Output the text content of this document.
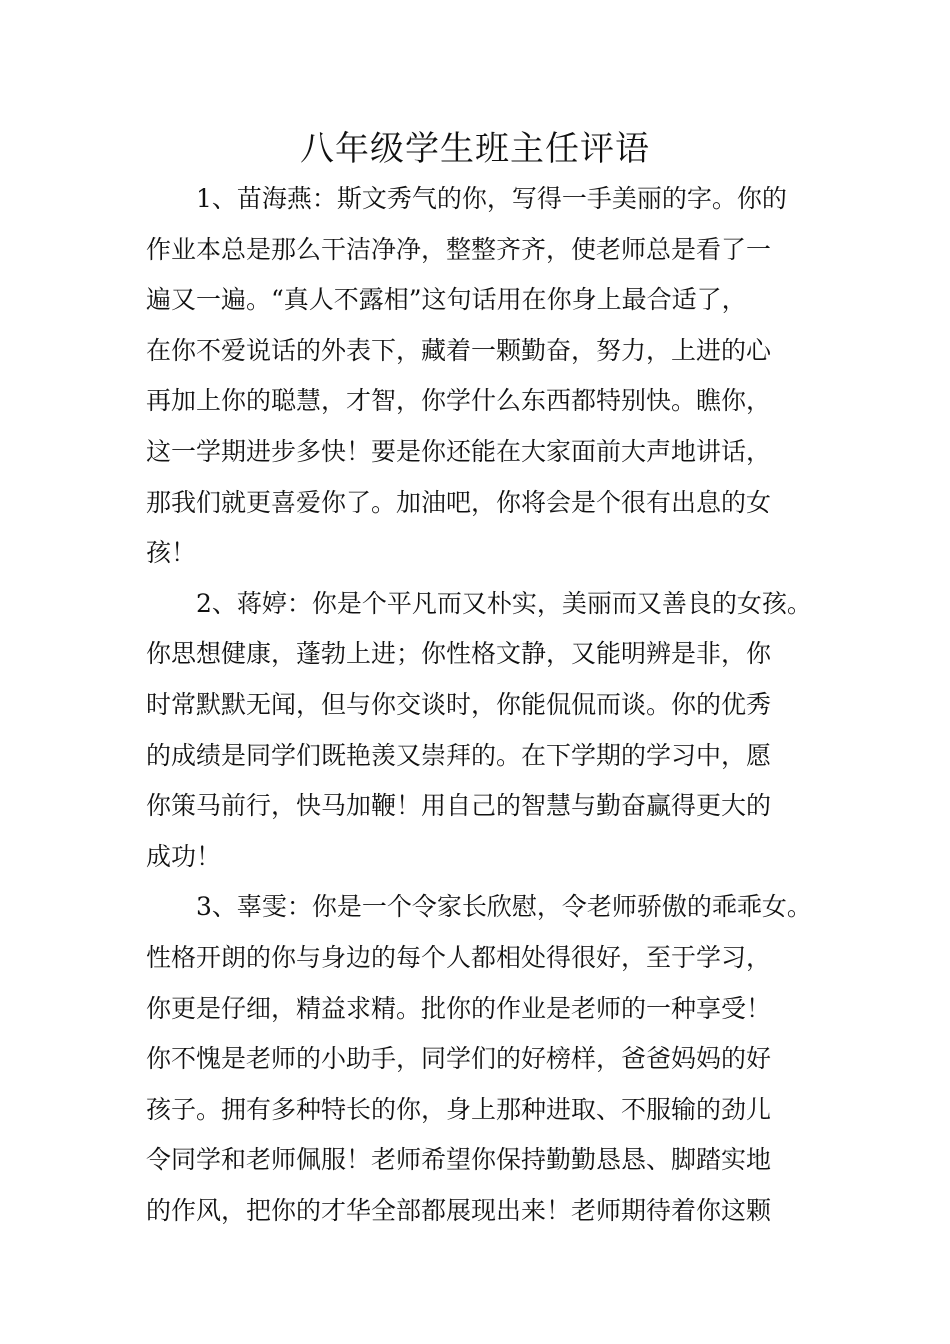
八年级学生班主任评语
1、苗海燕：斯文秀气的你，写得一手美丽的字。你的
作业本总是那么干洁净净，整整齐齐，使老师总是看了一
遍又一遍。“真人不露相”这句话用在你身上最合适了，
在你不爱说话的外表下，藏着一颗勤奋，努力，上进的心
再加上你的聪慧，才智，你学什么东西都特别快。瞧你，
这一学期进步多快！要是你还能在大家面前大声地讲话，
那我们就更喜爱你了。加油吧，你将会是个很有出息的女
孩！
2、蒋婷：你是个平凡而又朴实，美丽而又善良的女孩。
你思想健康，蓬勃上进；你性格文静，又能明辨是非，你
时常默默无闻，但与你交谈时，你能侃侃而谈。你的优秀
的成绩是同学们既艳羡又崇拜的。在下学期的学习中，愿
你策马前行，快马加鞭！用自己的智慧与勤奋赢得更大的
成功！
3、辜雯：你是一个令家长欣慰，令老师骄傲的乖乖女。
性格开朗的你与身边的每个人都相处得很好，至于学习，
你更是仔细，精益求精。批你的作业是老师的一种享受！
你不愧是老师的小助手，同学们的好榜样，爸爸妈妈的好
孩子。拥有多种特长的你，身上那种进取、不服输的劲儿
令同学和老师佩服！老师希望你保持勤勤恳恳、脚踏实地
的作风，把你的才华全部都展现出来！老师期待着你这颗
